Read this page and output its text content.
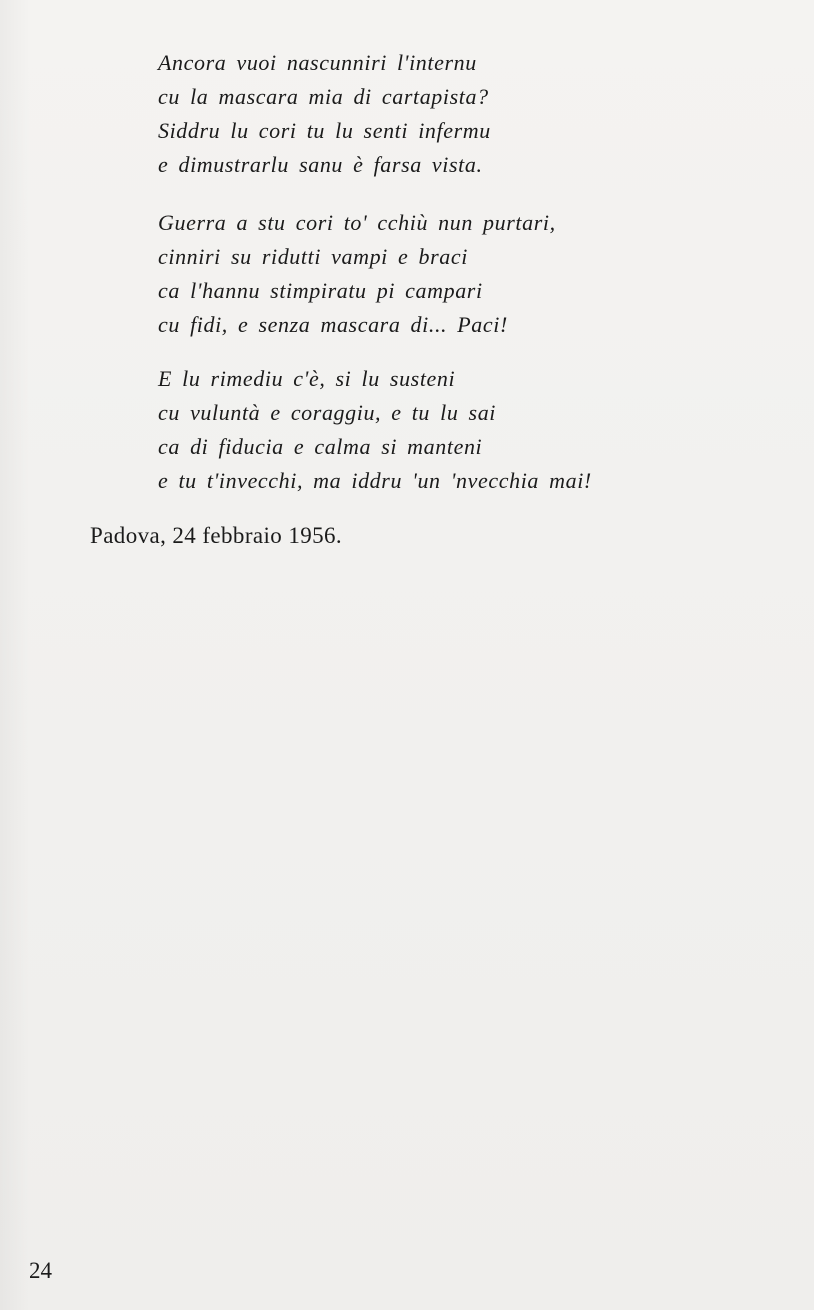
Ancora vuoi nascunniri l'internu
cu la mascara mia di cartapista?
Siddru lu cori tu lu senti infermu
e dimustrarlu sanu è farsa vista.
Guerra a stu cori to' cchiù nun purtari,
cinniri su ridutti vampi e braci
ca l'hannu stimpiratu pi campari
cu fidi, e senza mascara di... Paci!
E lu rimediu c'è, si lu susteni
cu vuluntà e coraggiu, e tu lu sai
ca di fiducia e calma si manteni
e tu t'invecchi, ma iddru 'un 'nvecchia mai!
Padova, 24 febbraio 1956.
24
